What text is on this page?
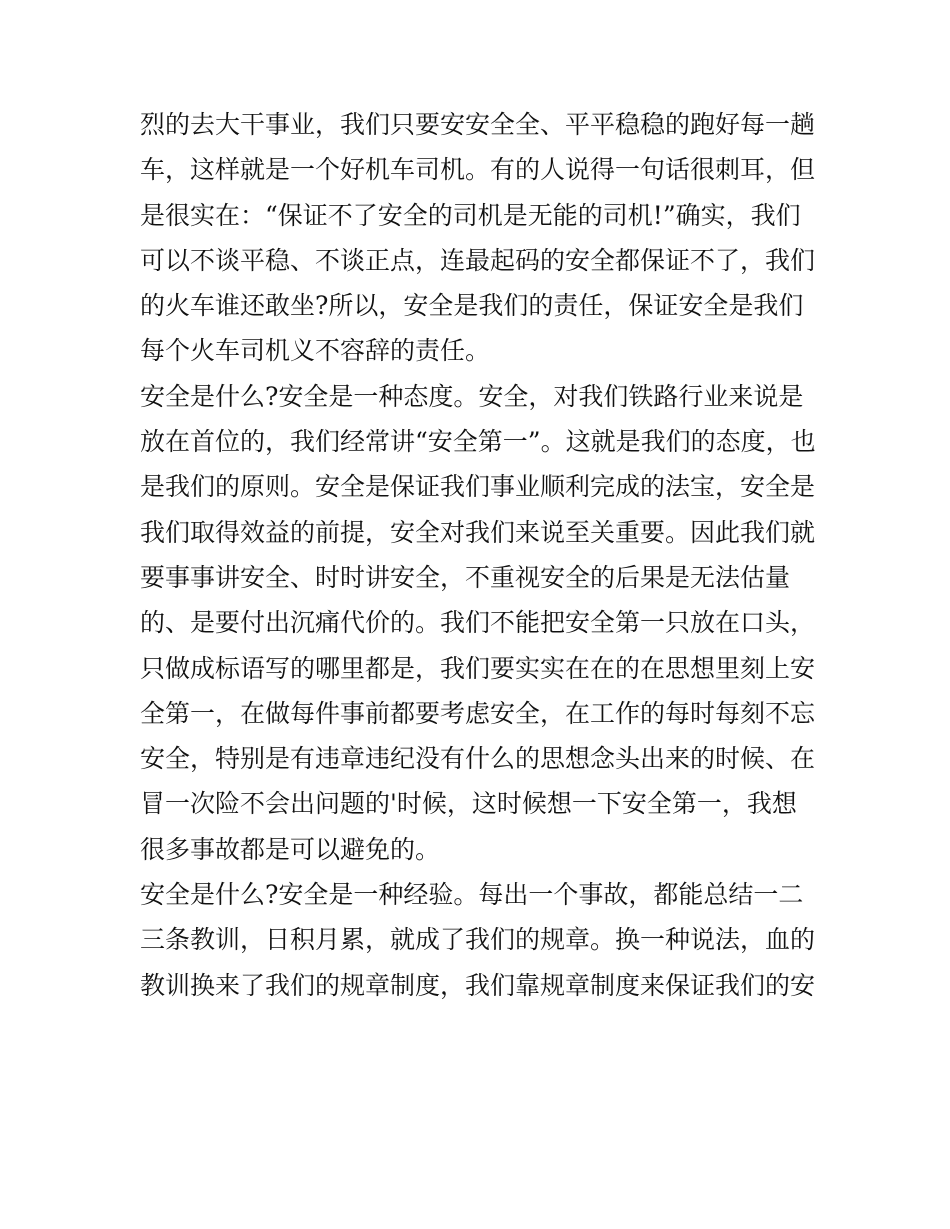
烈的去大干事业，我们只要安安全全、平平稳稳的跑好每一趟
车，这样就是一个好机车司机。有的人说得一句话很刺耳，但
是很实在：“保证不了安全的司机是无能的司机!”确实，我们
可以不谈平稳、不谈正点，连最起码的安全都保证不了，我们
的火车谁还敢坐?所以，安全是我们的责任，保证安全是我们
每个火车司机义不容辞的责任。
安全是什么?安全是一种态度。安全，对我们铁路行业来说是
放在首位的，我们经常讲“安全第一”。这就是我们的态度，也
是我们的原则。安全是保证我们事业顺利完成的法宝，安全是
我们取得效益的前提，安全对我们来说至关重要。因此我们就
要事事讲安全、时时讲安全，不重视安全的后果是无法估量
的、是要付出沉痛代价的。我们不能把安全第一只放在口头，
只做成标语写的哪里都是，我们要实实在在的在思想里刻上安
全第一，在做每件事前都要考虑安全，在工作的每时每刻不忘
安全，特别是有违章违纪没有什么的思想念头出来的时候、在
冒一次险不会出问题的'时候，这时候想一下安全第一，我想
很多事故都是可以避免的。
安全是什么?安全是一种经验。每出一个事故，都能总结一二
三条教训，日积月累，就成了我们的规章。换一种说法，血的
教训换来了我们的规章制度，我们靠规章制度来保证我们的安
